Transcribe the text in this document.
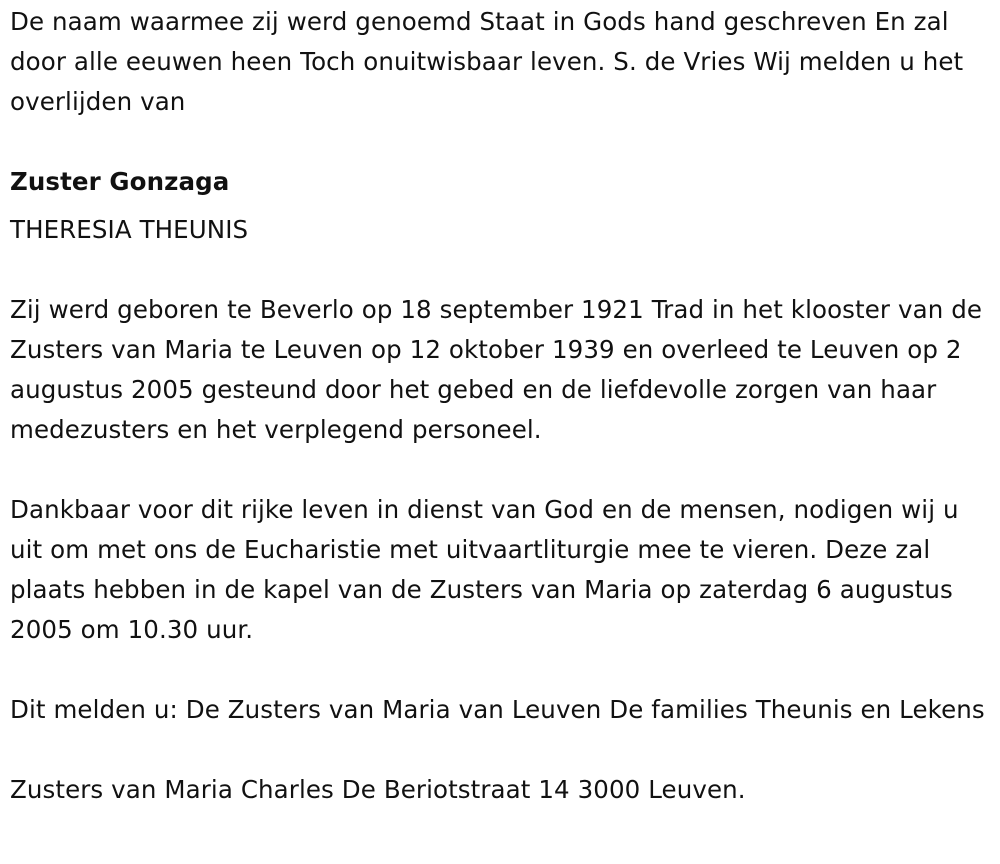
De naam waarmee zij werd genoemd Staat in Gods hand geschreven En zal door alle eeuwen heen Toch onuitwisbaar leven. S. de Vries Wij melden u het overlijden van

Zuster Gonzaga

THERESIA THEUNIS

Zij werd geboren te Beverlo op 18 september 1921 Trad in het klooster van de Zusters van Maria te Leuven op 12 oktober 1939 en overleed te Leuven op 2 augustus 2005 gesteund door het gebed en de liefdevolle zorgen van haar medezusters en het verplegend personeel.

Dankbaar voor dit rijke leven in dienst van God en de mensen, nodigen wij u uit om met ons de Eucharistie met uitvaartliturgie mee te vieren. Deze zal plaats hebben in de kapel van de Zusters van Maria op zaterdag 6 augustus 2005 om 10.30 uur.

Dit melden u: De Zusters van Maria van Leuven De families Theunis en Lekens

Zusters van Maria Charles De Beriotstraat 14 3000 Leuven.
